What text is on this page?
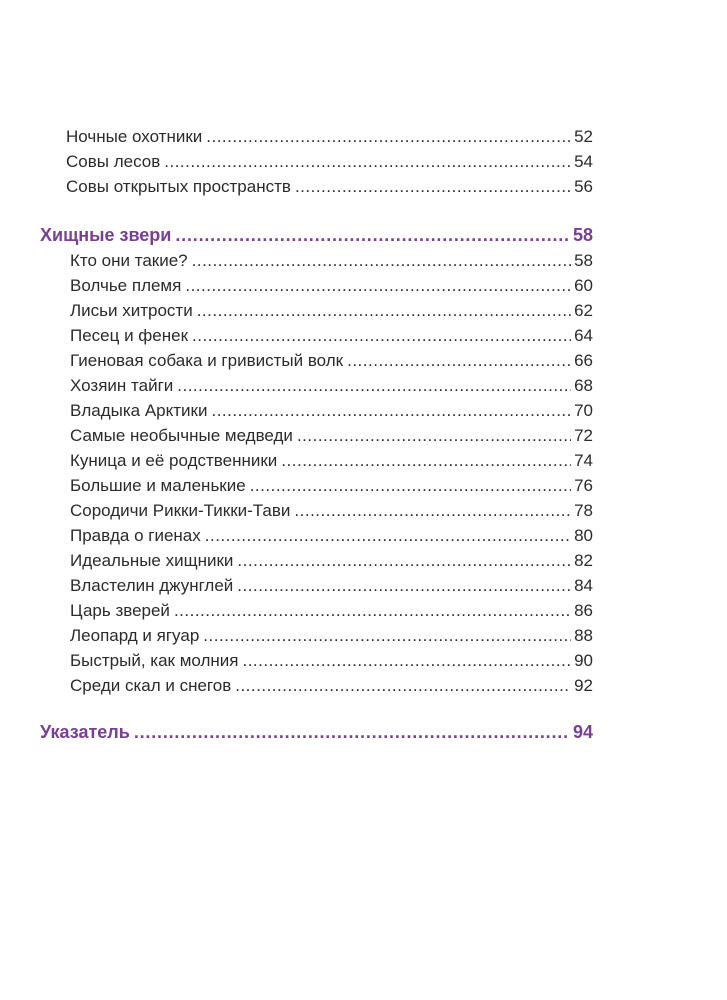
Ночные охотники .....	52
Совы лесов .....	54
Совы открытых пространств .....	56
Хищные звери .....	58
Кто они такие? .....	58
Волчье племя .....	60
Лисьи хитрости .....	62
Песец и фенек .....	64
Гиеновая собака и гривистый волк .....	66
Хозяин тайги .....	68
Владыка Арктики .....	70
Самые необычные медведи .....	72
Куница и её родственники .....	74
Большие и маленькие .....	76
Сородичи Рикки-Тикки-Тави .....	78
Правда о гиенах .....	80
Идеальные хищники .....	82
Властелин джунглей .....	84
Царь зверей .....	86
Леопард и ягуар .....	88
Быстрый, как молния .....	90
Среди скал и снегов .....	92
Указатель .....	94
